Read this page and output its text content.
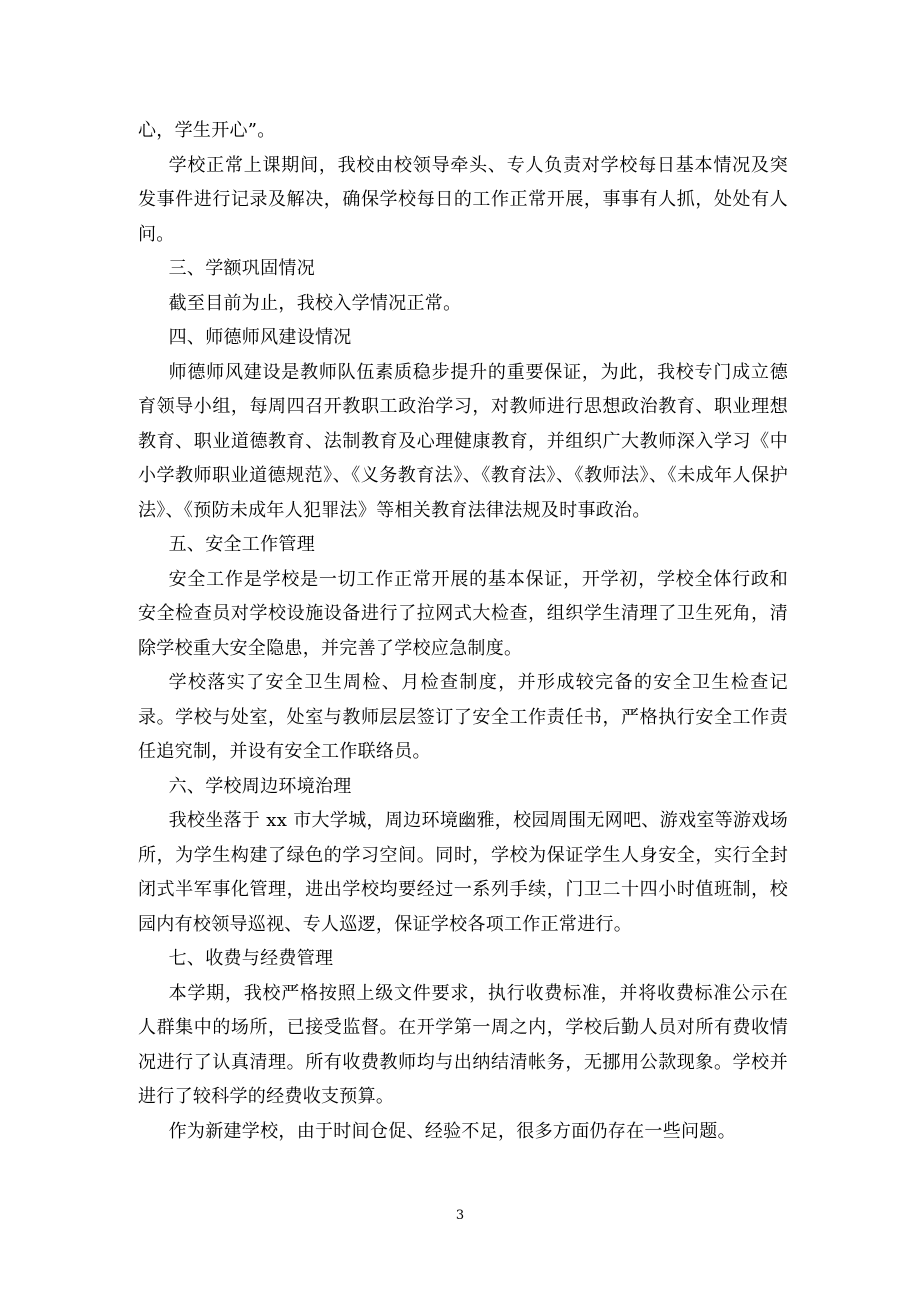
心，学生开心”。

学校正常上课期间，我校由校领导牵头、专人负责对学校每日基本情况及突发事件进行记录及解决，确保学校每日的工作正常开展，事事有人抓，处处有人问。

三、学额巩固情况

截至目前为止，我校入学情况正常。

四、师德师风建设情况

师德师风建设是教师队伍素质稳步提升的重要保证，为此，我校专门成立德育领导小组，每周四召开教职工政治学习，对教师进行思想政治教育、职业理想教育、职业道德教育、法制教育及心理健康教育，并组织广大教师深入学习《中小学教师职业道德规范》、《义务教育法》、《教育法》、《教师法》、《未成年人保护法》、《预防未成年人犯罪法》等相关教育法律法规及时事政治。

五、安全工作管理

安全工作是学校是一切工作正常开展的基本保证，开学初，学校全体行政和安全检查员对学校设施设备进行了拉网式大检查，组织学生清理了卫生死角，清除学校重大安全隐患，并完善了学校应急制度。

学校落实了安全卫生周检、月检查制度，并形成较完备的安全卫生检查记录。学校与处室，处室与教师层层签订了安全工作责任书，严格执行安全工作责任追究制，并设有安全工作联络员。

六、学校周边环境治理

我校坐落于 xx 市大学城，周边环境幽雅，校园周围无网吧、游戏室等游戏场所，为学生构建了绿色的学习空间。同时，学校为保证学生人身安全，实行全封闭式半军事化管理，进出学校均要经过一系列手续，门卫二十四小时值班制，校园内有校领导巡视、专人巡逻，保证学校各项工作正常进行。

七、收费与经费管理

本学期，我校严格按照上级文件要求，执行收费标准，并将收费标准公示在人群集中的场所，已接受监督。在开学第一周之内，学校后勤人员对所有费收情况进行了认真清理。所有收费教师均与出纳结清帐务，无挪用公款现象。学校并进行了较科学的经费收支预算。

作为新建学校，由于时间仓促、经验不足，很多方面仍存在一些问题。

3
